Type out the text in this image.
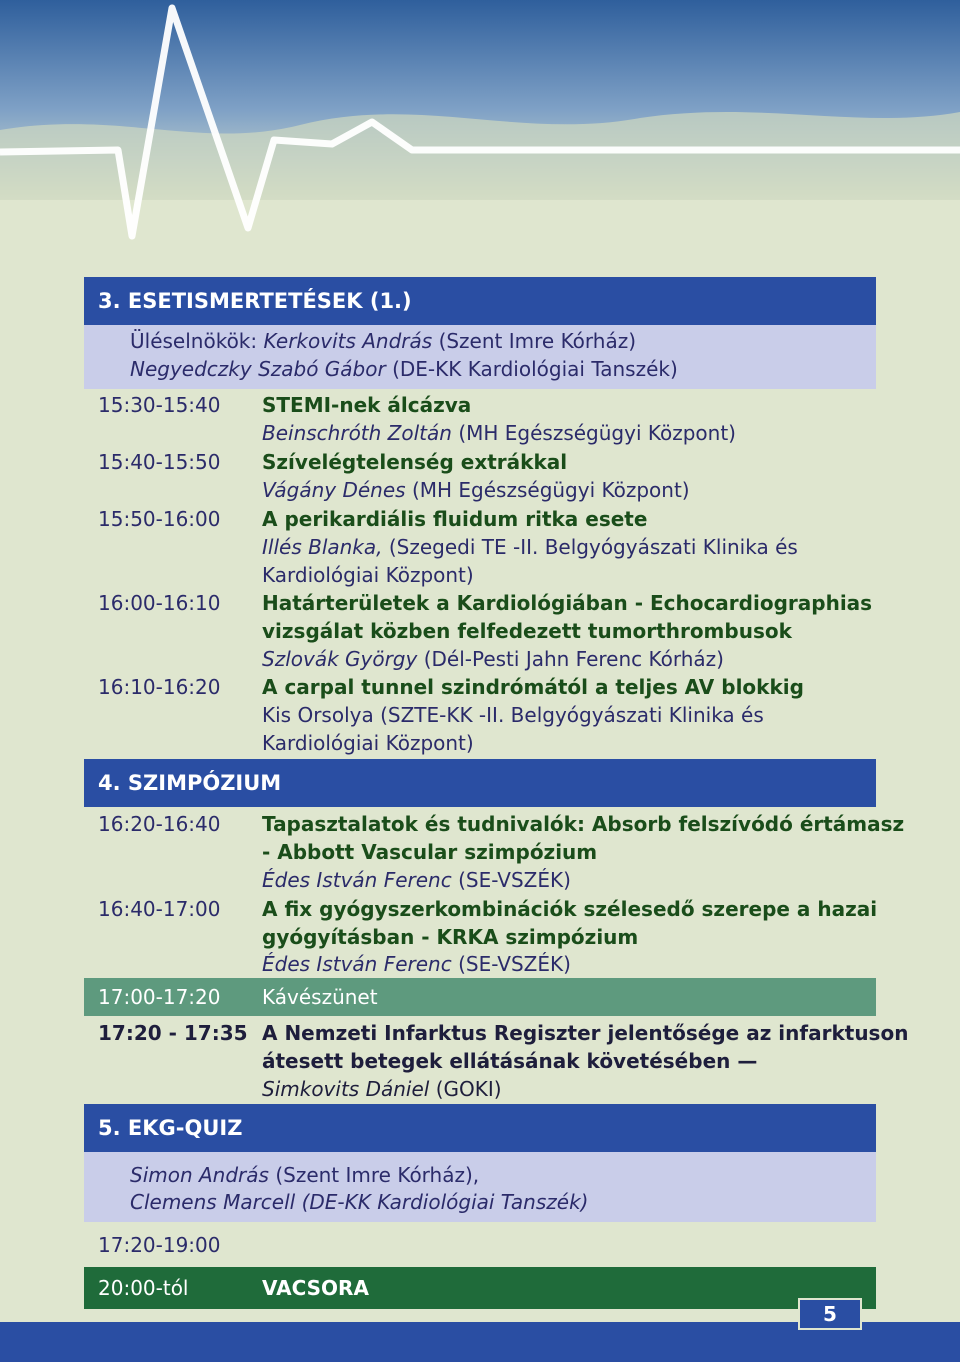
3. ESETISMERTETÉSEK (1.)
Üléselnökök: Kerkovits András (Szent Imre Kórház)
Negyedczky Szabó Gábor (DE-KK Kardiológiai Tanszék)
15:30-15:40 STEMI-nek álcázva
Beinschróth Zoltán (MH Egészségügyi Központ)
15:40-15:50 Szívelégtelenség extrákkal
Vágány Dénes (MH Egészségügyi Központ)
15:50-16:00 A perikardiális fluidum ritka esete
Illés Blanka, (Szegedi TE -II. Belgyógyászati Klinika és
Kardiológiai Központ)
16:00-16:10 Határterületek a Kardiológiában - Echocardiographias
vizsgálat közben felfedezett tumorthrombusok
Szlovák György (Dél-Pesti Jahn Ferenc Kórház)
16:10-16:20 A carpal tunnel szindrómától a teljes AV blokkig
Kis Orsolya (SZTE-KK -II. Belgyógyászati Klinika és
Kardiológiai Központ)
4. SZIMPÓZIUM
16:20-16:40 Tapasztalatok és tudnivalók: Absorb felszívódó értámasz
- Abbott Vascular szimpózium
Édes István Ferenc (SE-VSZÉK)
16:40-17:00 A fix gyógyszerkombinációk szélesedő szerepe a hazai
gyógyításban - KRKA szimpózium
Édes István Ferenc (SE-VSZÉK)
17:00-17:20 Kávészünet
17:20 - 17:35 A Nemzeti Infarktus Regiszter jelentősége az infarktuson
átesett betegek ellátásának követésében —
Simkovits Dániel (GOKI)
5. EKG-QUIZ
Simon András (Szent Imre Kórház),
Clemens Marcell (DE-KK Kardiológiai Tanszék)
17:20-19:00
20:00-tól	VACSORA
5
